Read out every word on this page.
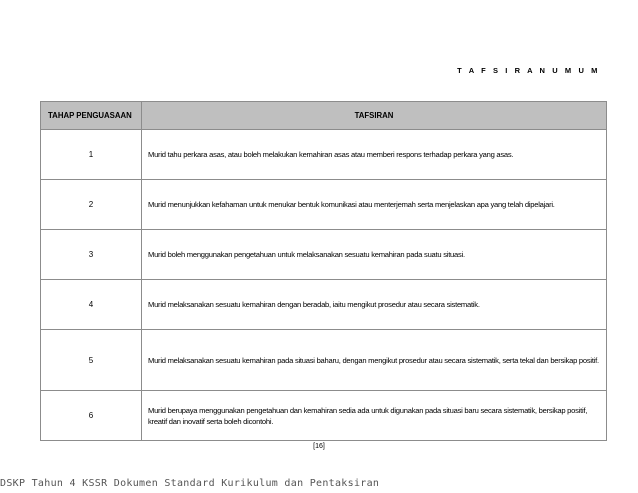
T A F S I R A N U M U M
TAHAP PENGUASAAN	TAFSIRAN
1	Murid tahu perkara asas, atau boleh melakukan kemahiran asas atau memberi respons terhadap perkara yang asas.
2	Murid menunjukkan kefahaman untuk menukar bentuk komunikasi atau menterjemah serta menjelaskan apa yang telah dipelajari.
3	Murid boleh menggunakan pengetahuan untuk melaksanakan sesuatu kemahiran pada suatu situasi.
4	Murid melaksanakan sesuatu kemahiran dengan beradab, iaitu mengikut prosedur atau secara sistematik.
5	Murid melaksanakan sesuatu kemahiran pada situasi baharu, dengan mengikut prosedur atau secara sistematik, serta tekal dan bersikap positif.
6	Murid berupaya menggunakan pengetahuan dan kemahiran sedia ada untuk digunakan pada situasi baru secara sistematik, bersikap positif, kreatif dan inovatif serta boleh dicontohi.
[16]
DSKP Tahun 4 KSSR Dokumen Standard Kurikulum dan Pentaksiran
